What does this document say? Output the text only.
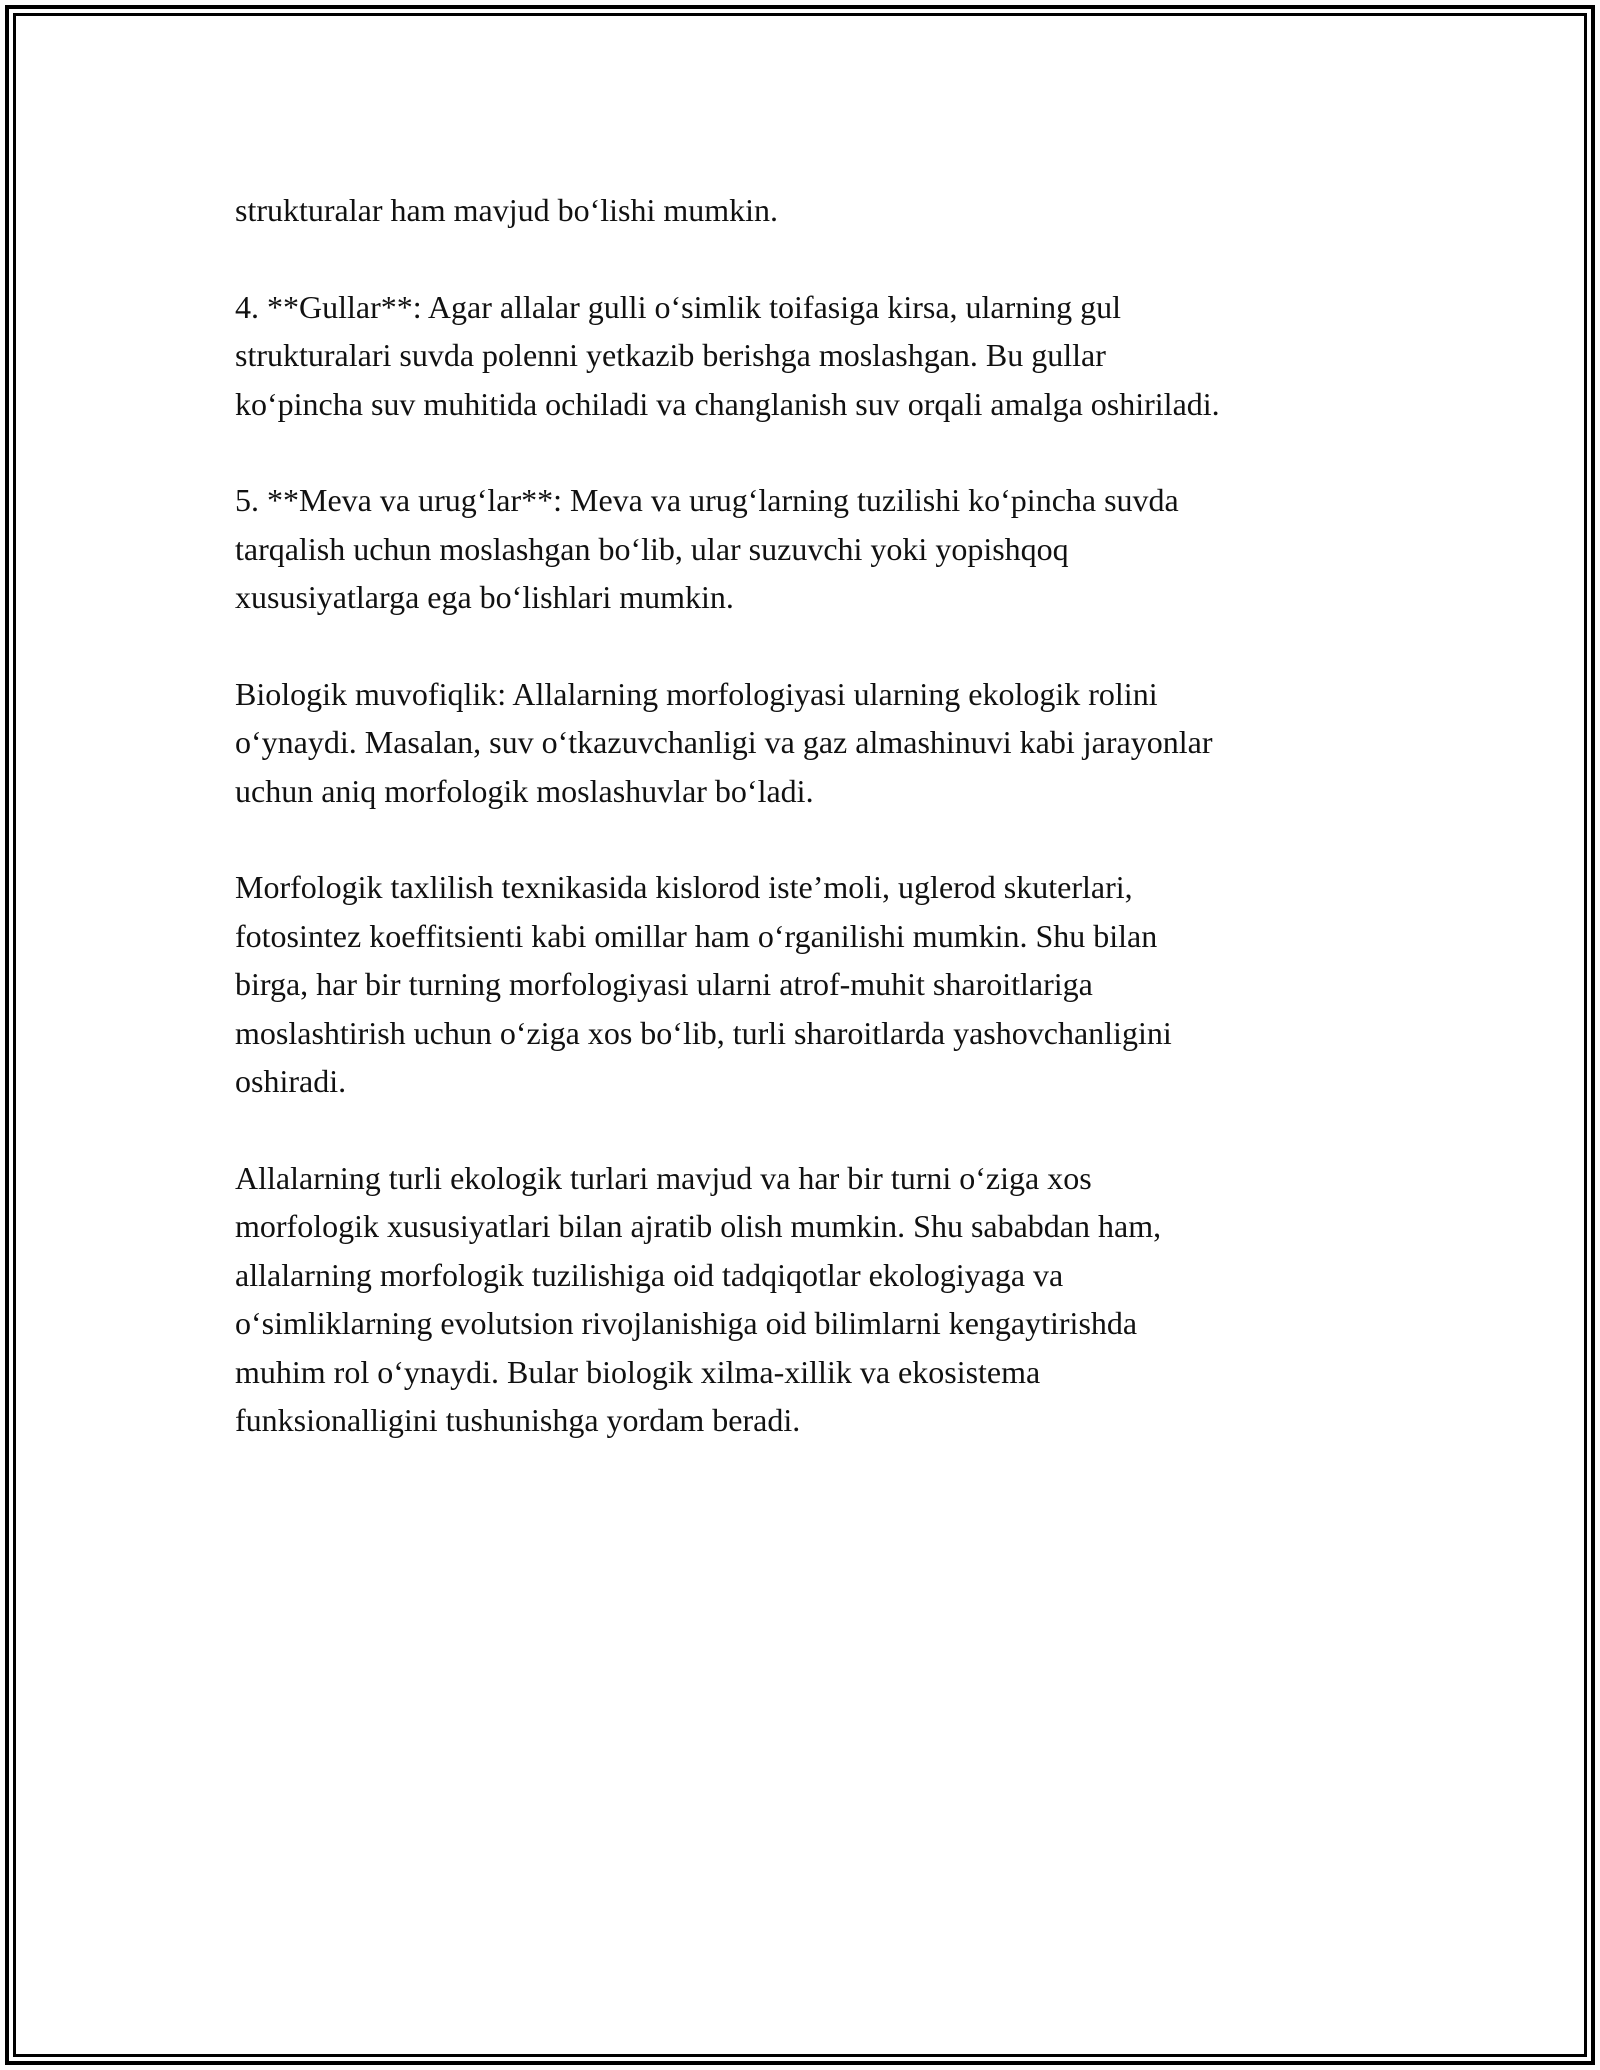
strukturalar ham mavjud bo‘lishi mumkin.

4. **Gullar**: Agar allalar gulli o‘simlik toifasiga kirsa, ularning gul
strukturalari suvda polenni yetkazib berishga moslashgan. Bu gullar
ko‘pincha suv muhitida ochiladi va changlanish suv orqali amalga oshiriladi.

5. **Meva va urug‘lar**: Meva va urug‘larning tuzilishi ko‘pincha suvda
tarqalish uchun moslashgan bo‘lib, ular suzuvchi yoki yopishqoq
xususiyatlarga ega bo‘lishlari mumkin.

Biologik muvofiqlik: Allalarning morfologiyasi ularning ekologik rolini
o‘ynaydi. Masalan, suv o‘tkazuvchanligi va gaz almashinuvi kabi jarayonlar
uchun aniq morfologik moslashuvlar bo‘ladi.

Morfologik taxlilish texnikasida kislorod iste’moli, uglerod skuterlari,
fotosintez koeffitsienti kabi omillar ham o‘rganilishi mumkin. Shu bilan
birga, har bir turning morfologiyasi ularni atrof-muhit sharoitlariga
moslashtirish uchun o‘ziga xos bo‘lib, turli sharoitlarda yashovchanligini
oshiradi.

Allalarning turli ekologik turlari mavjud va har bir turni o‘ziga xos
morfologik xususiyatlari bilan ajratib olish mumkin. Shu sababdan ham,
allalarning morfologik tuzilishiga oid tadqiqotlar ekologiyaga va
o‘simliklarning evolutsion rivojlanishiga oid bilimlarni kengaytirishda
muhim rol o‘ynaydi. Bular biologik xilma-xillik va ekosistema
funksionalligini tushunishga yordam beradi.
